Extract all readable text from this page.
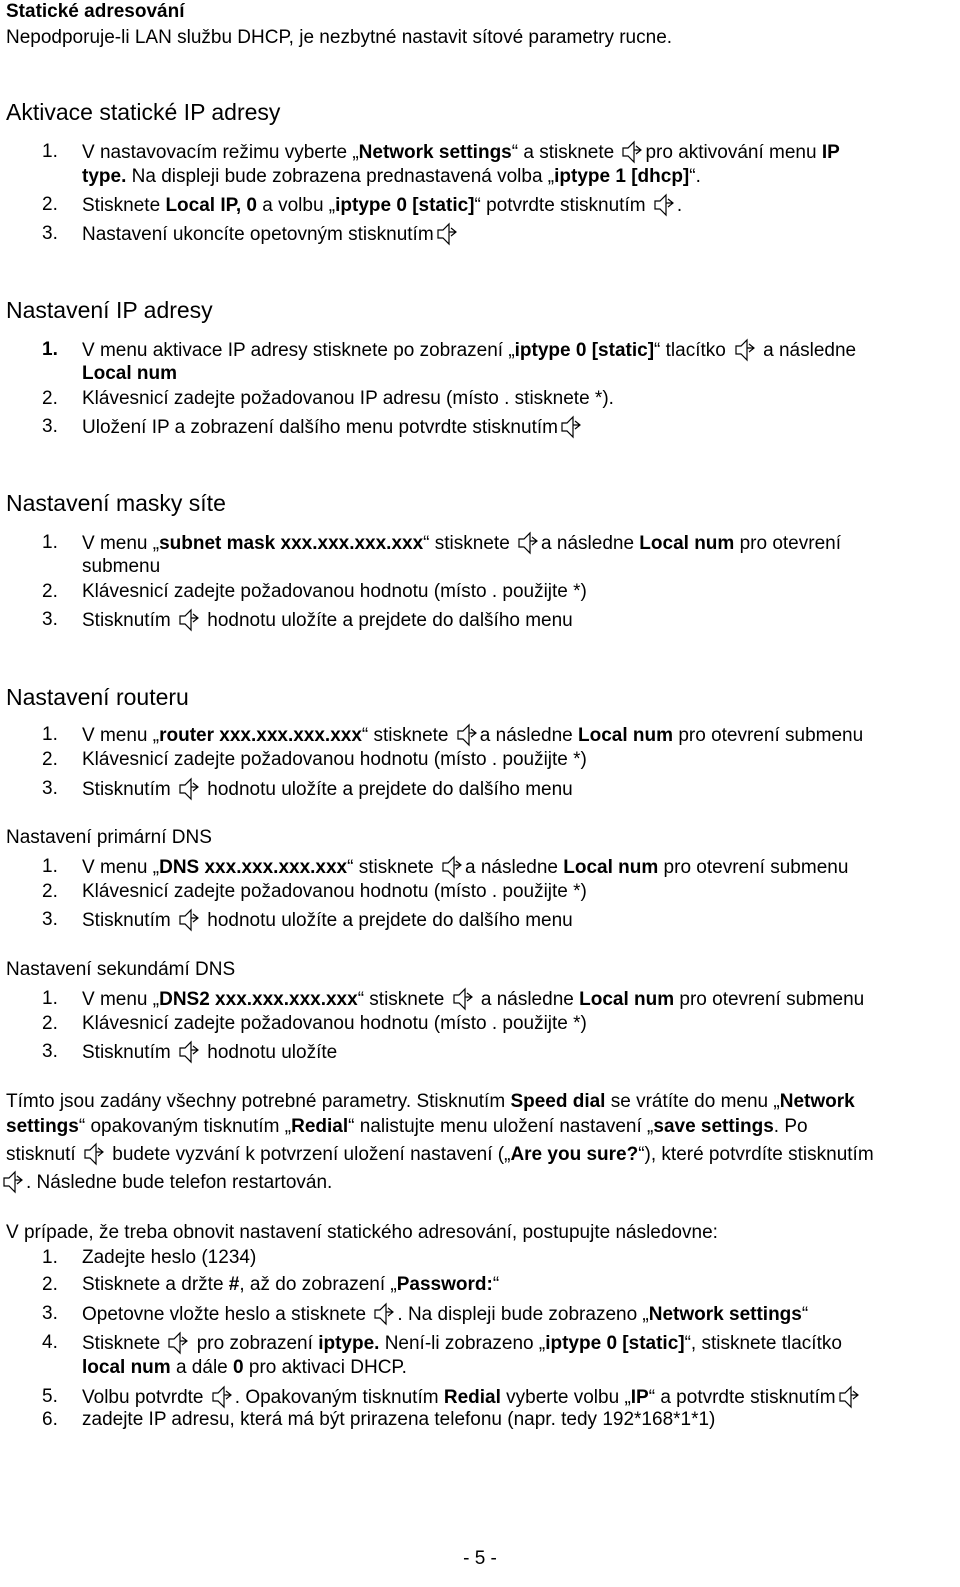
Statické adresování
Nepodporuje-li LAN službu DHCP, je nezbytné nastavit sítové parametry rucne.
Aktivace statické IP adresy
1. V nastavovacím režimu vyberte „Network settings“ a stisknete
pro aktivování menu IP
type. Na displeji bude zobrazena prednastavená volba „iptype 1 [dhcp]“.
2. Stisknete Local IP, 0 a volbu „iptype 0 [static]“ potvrdte stisknutím
.
3. Nastavení ukoncíte opetovným stisknutím
Nastavení IP adresy
1. V menu aktivace IP adresy stisknete po zobrazení „iptype 0 [static]“ tlacítko
a následne
Local num
2. Klávesnicí zadejte požadovanou IP adresu (místo . stisknete *).
3. Uložení IP a zobrazení dalšího menu potvrdte stisknutím
Nastavení masky síte
1. V menu „subnet mask xxx.xxx.xxx.xxx“ stisknete
a následne Local num pro otevrení
submenu
2. Klávesnicí zadejte požadovanou hodnotu (místo . použijte *)
3. Stisknutím
hodnotu uložíte a prejdete do dalšího menu
Nastavení routeru
1. V menu „router xxx.xxx.xxx.xxx“ stisknete
a následne Local num pro otevrení submenu
2. Klávesnicí zadejte požadovanou hodnotu (místo . použijte *)
3. Stisknutím
hodnotu uložíte a prejdete do dalšího menu
Nastavení primární DNS
1. V menu „DNS xxx.xxx.xxx.xxx“ stisknete
a následne Local num pro otevrení submenu
2. Klávesnicí zadejte požadovanou hodnotu (místo . použijte *)
3. Stisknutím
hodnotu uložíte a prejdete do dalšího menu
Nastavení sekundámí DNS
1. V menu „DNS2 xxx.xxx.xxx.xxx“ stisknete
a následne Local num pro otevrení submenu
2. Klávesnicí zadejte požadovanou hodnotu (místo . použijte *)
3. Stisknutím
hodnotu uložíte
Tímto jsou zadány všechny potrebné parametry. Stisknutím Speed dial se vrátíte do menu „Network
settings“ opakovaným tisknutím „Redial“ nalistujte menu uložení nastavení „save settings. Po
stisknutí
budete vyzvání k potvrzení uložení nastavení („Are you sure?“), které potvrdíte stisknutím
. Následne bude telefon restartován.
V prípade, že treba obnovit nastavení statického adresování, postupujte následovne:
1. Zadejte heslo (1234)
2. Stisknete a držte #, až do zobrazení „Password:“
3. Opetovne vložte heslo a stisknete
. Na displeji bude zobrazeno „Network settings“
4. Stisknete
pro zobrazení iptype. Není-li zobrazeno „iptype 0 [static]“, stisknete tlacítko
local num a dále 0 pro aktivaci DHCP.
5. Volbu potvrdte
. Opakovaným tisknutím Redial vyberte volbu „IP“ a potvrdte stisknutím
6. zadejte IP adresu, která má být prirazena telefonu (napr. tedy 192*168*1*1)
- 5 -
